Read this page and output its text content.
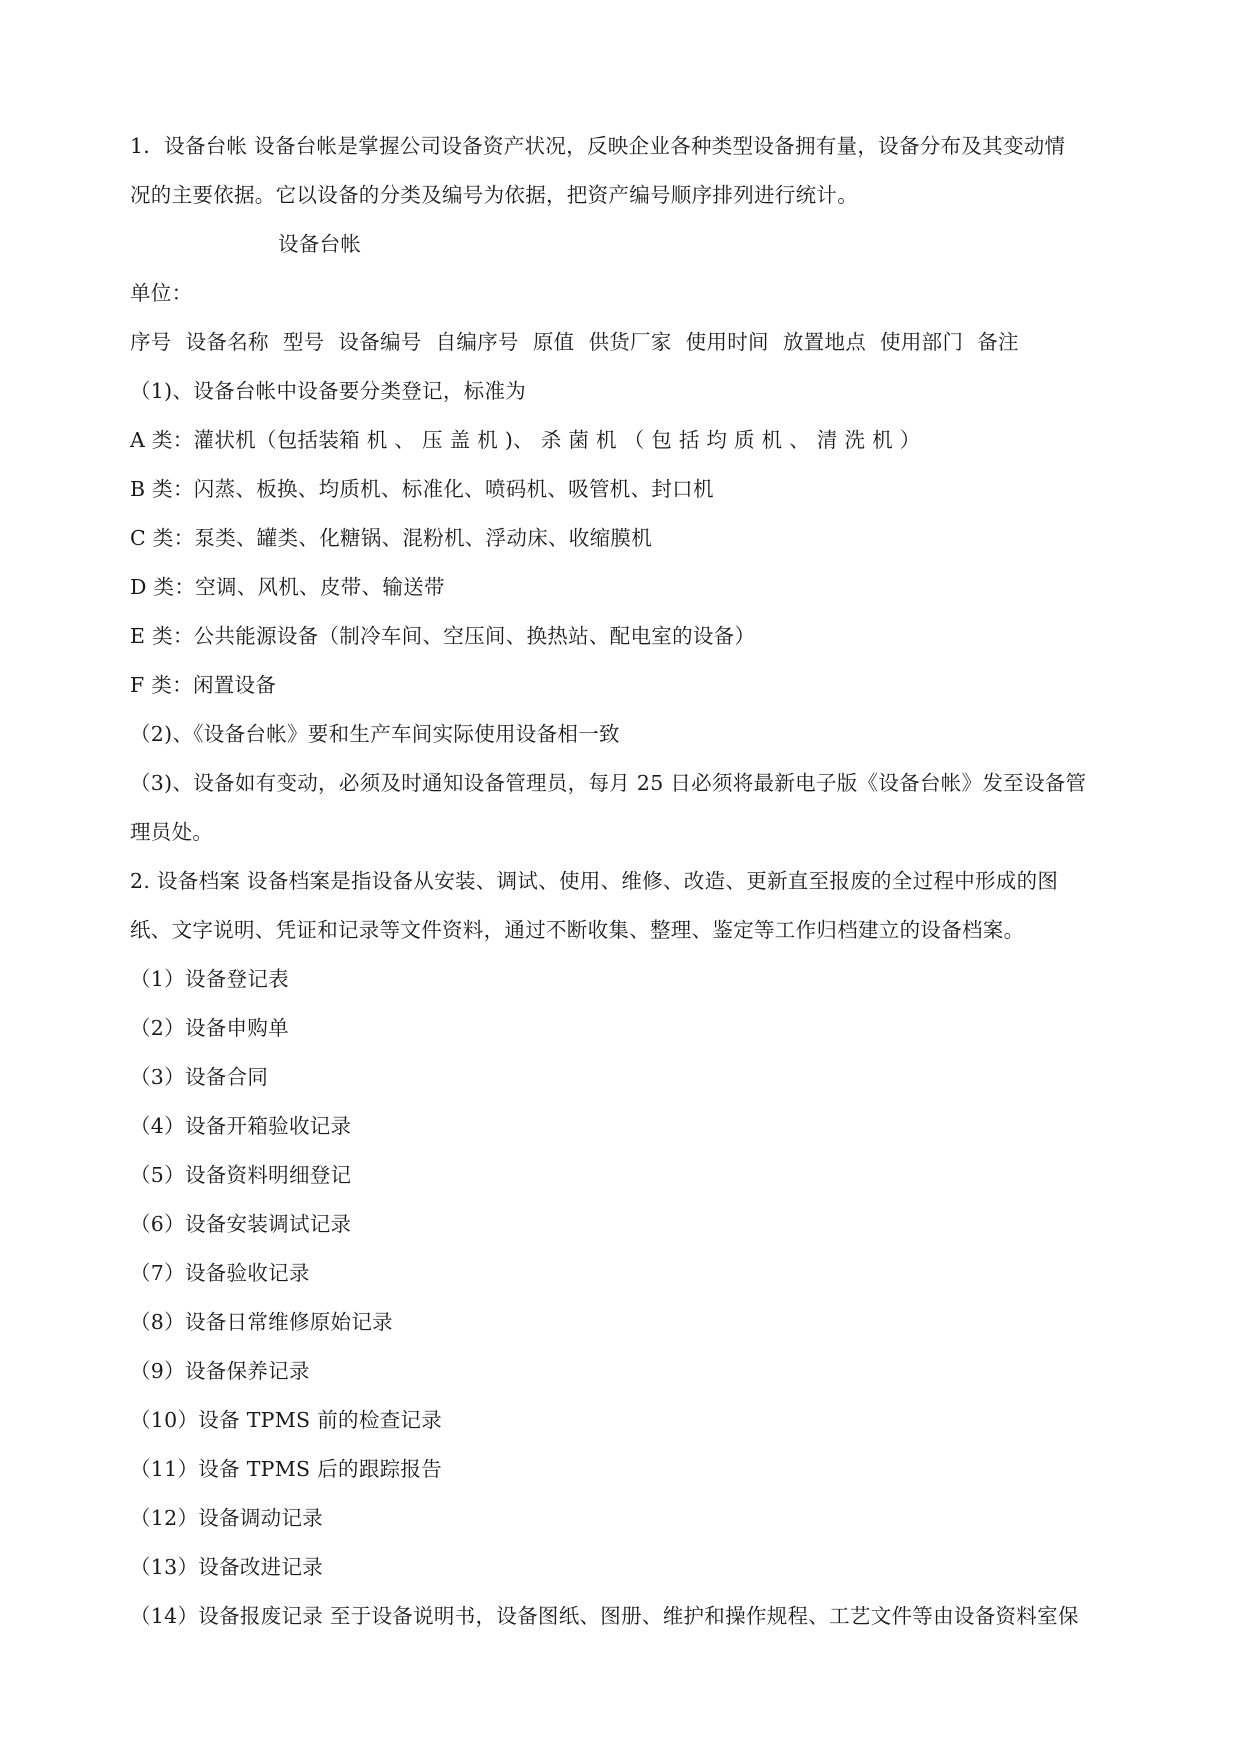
1．设备台帐 设备台帐是掌握公司设备资产状况，反映企业各种类型设备拥有量，设备分布及其变动情
况的主要依据。它以设备的分类及编号为依据，把资产编号顺序排列进行统计。
设备台帐
单位：
序号 设备名称 型号 设备编号 自编序号 原值 供货厂家 使用时间 放置地点 使用部门 备注
（1)、设备台帐中设备要分类登记，标准为
A 类：灌状机（包括装箱 机 、 压 盖 机 )、 杀 菌 机 （ 包 括 均 质 机 、 清 洗 机 ）
B 类：闪蒸、板换、均质机、标准化、喷码机、吸管机、封口机
C 类：泵类、罐类、化糖锅、混粉机、浮动床、收缩膜机
D 类：空调、风机、皮带、输送带
E 类：公共能源设备（制冷车间、空压间、换热站、配电室的设备）
F 类：闲置设备
（2)、《设备台帐》要和生产车间实际使用设备相一致
（3)、设备如有变动，必须及时通知设备管理员，每月 25 日必须将最新电子版《设备台帐》发至设备管
理员处。
2. 设备档案 设备档案是指设备从安装、调试、使用、维修、改造、更新直至报废的全过程中形成的图
纸、文字说明、凭证和记录等文件资料，通过不断收集、整理、鉴定等工作归档建立的设备档案。
（1）设备登记表
（2）设备申购单
（3）设备合同
（4）设备开箱验收记录
（5）设备资料明细登记
（6）设备安装调试记录
（7）设备验收记录
（8）设备日常维修原始记录
（9）设备保养记录
（10）设备 TPMS 前的检查记录
（11）设备 TPMS 后的跟踪报告
（12）设备调动记录
（13）设备改进记录
（14）设备报废记录 至于设备说明书，设备图纸、图册、维护和操作规程、工艺文件等由设备资料室保
